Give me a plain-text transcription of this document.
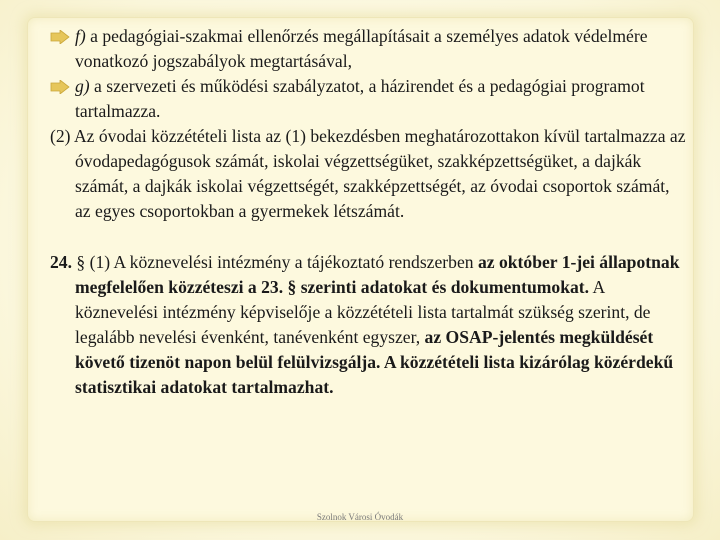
f) a pedagógiai-szakmai ellenőrzés megállapításait a személyes adatok védelmére vonatkozó jogszabályok megtartásával,
g) a szervezeti és működési szabályzatot, a házirendet és a pedagógiai programot tartalmazza.
(2) Az óvodai közzétételi lista az (1) bekezdésben meghatározottakon kívül tartalmazza az óvodapedagógusok számát, iskolai végzettségüket, szakképzettségüket, a dajkák számát, a dajkák iskolai végzettségét, szakképzettségét, az óvodai csoportok számát, az egyes csoportokban a gyermekek létszámát.
24. § (1) A köznevelési intézmény a tájékoztató rendszerben az október 1-jei állapotnak megfelelően közzéteszi a 23. § szerinti adatokat és dokumentumokat. A köznevelési intézmény képviselője a közzétételi lista tartalmát szükség szerint, de legalább nevelési évenként, tanévenként egyszer, az OSAP-jelentés megküldését követő tizenöt napon belül felülvizsgálja. A közzétételi lista kizárólag közérdekű statisztikai adatokat tartalmazhat.
Szolnok Városi Óvodák
